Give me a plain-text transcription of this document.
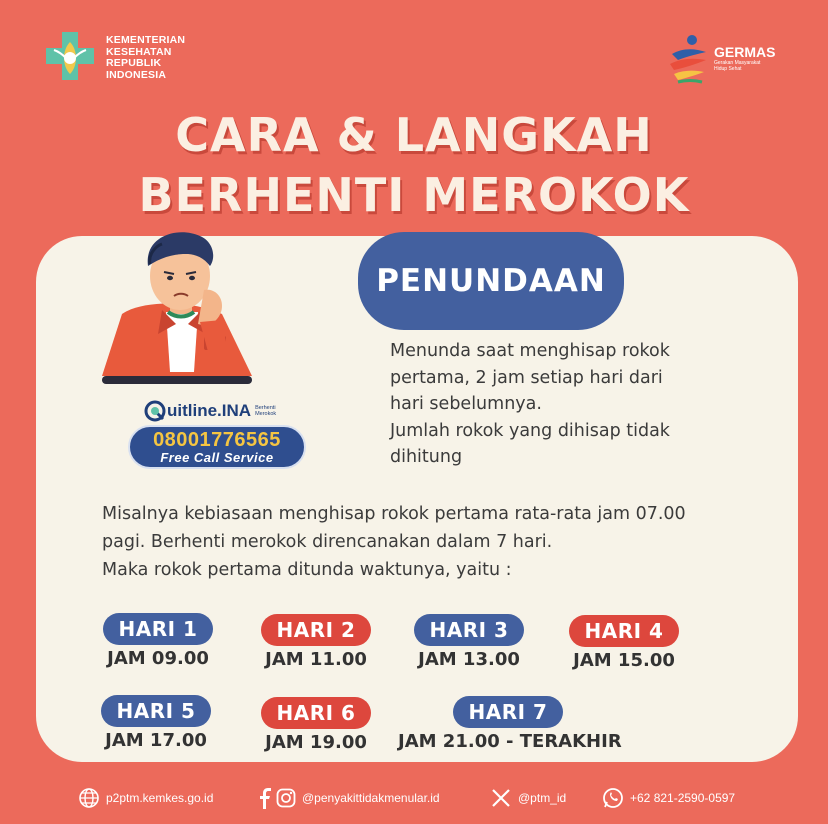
KEMENTERIAN
KESEHATAN
REPUBLIK
INDONESIA
GERMAS
Gerakan Masyarakat Hidup Sehat
CARA & LANGKAH
BERHENTI MEROKOK
PENUNDAAN
uitline.INA Berhenti Merokok
08001776565
Free Call Service
Menunda saat menghisap rokok
pertama, 2 jam setiap hari dari
hari sebelumnya.
Jumlah rokok yang dihisap tidak
dihitung
Misalnya kebiasaan menghisap rokok pertama rata-rata jam 07.00
pagi. Berhenti merokok direncanakan dalam 7 hari.
Maka rokok pertama ditunda waktunya, yaitu :
HARI 1
JAM 09.00
HARI 2
JAM 11.00
HARI 3
JAM 13.00
HARI 4
JAM 15.00
HARI 5
JAM 17.00
HARI 6
JAM 19.00
HARI 7
JAM 21.00 - TERAKHIR
p2ptm.kemkes.go.id	@penyakittidakmenular.id	@ptm_id	+62 821-2590-0597
